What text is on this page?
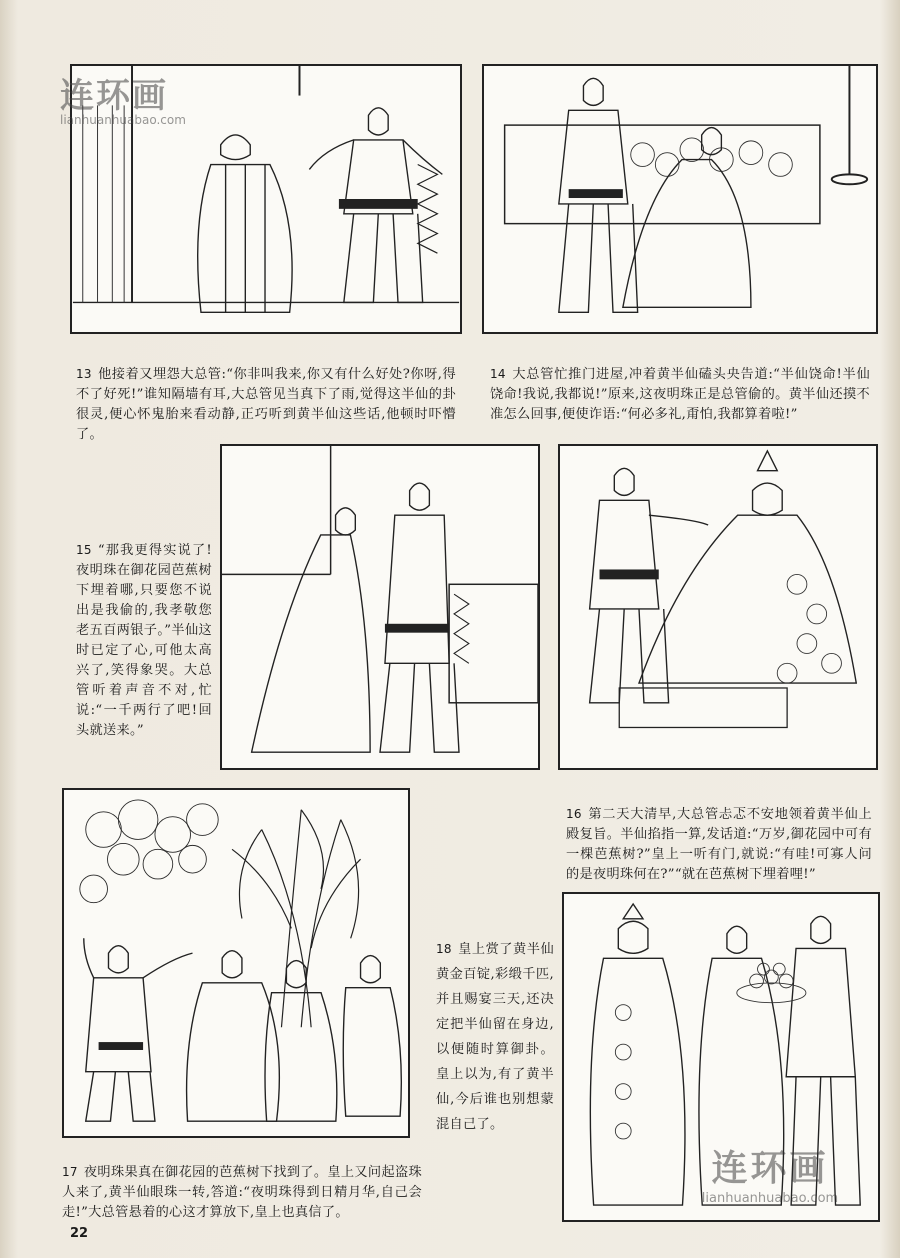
13 他接着又埋怨大总管:“你非叫我来,你又有什么好处?你呀,得不了好死!”谁知隔墙有耳,大总管见当真下了雨,觉得这半仙的卦很灵,便心怀鬼胎来看动静,正巧听到黄半仙这些话,他顿时吓懵了。

14 大总管忙推门进屋,冲着黄半仙磕头央告道:“半仙饶命!半仙饶命!我说,我都说!”原来,这夜明珠正是总管偷的。黄半仙还摸不准怎么回事,便使诈语:“何必多礼,甭怕,我都算着啦!”

15 “那我更得实说了!夜明珠在御花园芭蕉树下埋着哪,只要您不说出是我偷的,我孝敬您老五百两银子。”半仙这时已定了心,可他太高兴了,笑得象哭。大总管听着声音不对,忙说:“一千两行了吧!回头就送来。”

16 第二天大清早,大总管忐忑不安地领着黄半仙上殿复旨。半仙掐指一算,发话道:“万岁,御花园中可有一棵芭蕉树?”皇上一听有门,就说:“有哇!可寡人问的是夜明珠何在?”“就在芭蕉树下埋着哩!”

18 皇上赏了黄半仙黄金百锭,彩缎千匹,并且赐宴三天,还决定把半仙留在身边,以便随时算御卦。皇上以为,有了黄半仙,今后谁也别想蒙混自己了。

17 夜明珠果真在御花园的芭蕉树下找到了。皇上又问起盗珠人来了,黄半仙眼珠一转,答道:“夜明珠得到日精月华,自己会走!”大总管悬着的心这才算放下,皇上也真信了。

连环画
lianhuanhuabao.com
连环画
lianhuanhuabao.com
22
